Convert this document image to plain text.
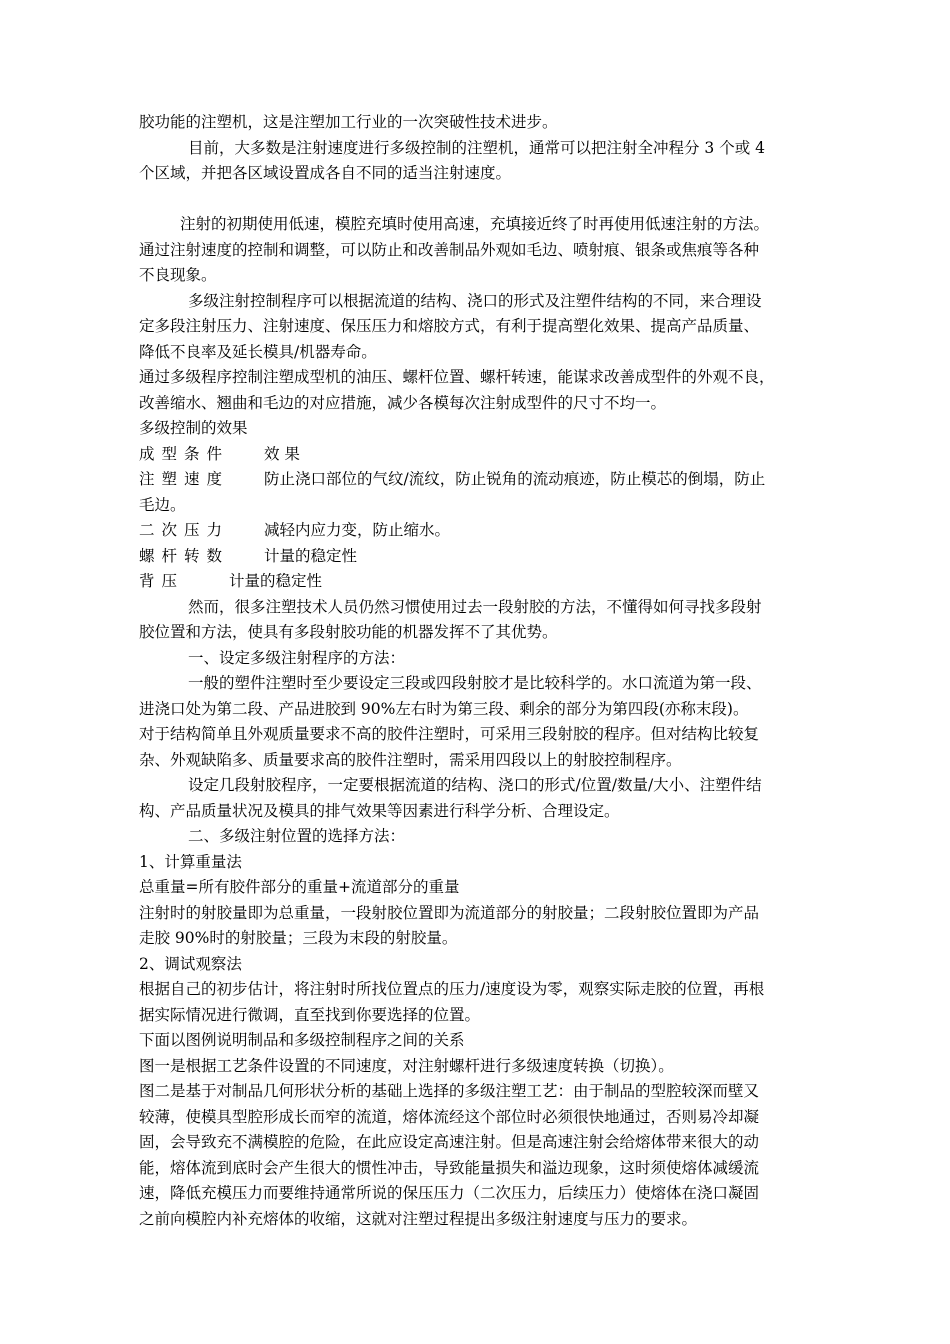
胶功能的注塑机，这是注塑加工行业的一次突破性技术进步。
目前，大多数是注射速度进行多级控制的注塑机，通常可以把注射全冲程分 3 个或 4
个区域，并把各区域设置成各自不同的适当注射速度。
注射的初期使用低速，模腔充填时使用高速，充填接近终了时再使用低速注射的方法。
通过注射速度的控制和调整，可以防止和改善制品外观如毛边、喷射痕、银条或焦痕等各种
不良现象。
多级注射控制程序可以根据流道的结构、浇口的形式及注塑件结构的不同，来合理设
定多段注射压力、注射速度、保压压力和熔胶方式，有利于提高塑化效果、提高产品质量、
降低不良率及延长模具/机器寿命。
通过多级程序控制注塑成型机的油压、螺杆位置、螺杆转速，能谋求改善成型件的外观不良，
改善缩水、翘曲和毛边的对应措施，减少各模每次注射成型件的尺寸不均一。
多级控制的效果
成型条件	效 果
注塑速度	防止浇口部位的气纹/流纹，防止锐角的流动痕迹，防止模芯的倒塌，防止
毛边。
二次压力	减轻内应力变，防止缩水。
螺杆转数	计量的稳定性
背压	计量的稳定性
然而，很多注塑技术人员仍然习惯使用过去一段射胶的方法，不懂得如何寻找多段射
胶位置和方法，使具有多段射胶功能的机器发挥不了其优势。
一、设定多级注射程序的方法：
一般的塑件注塑时至少要设定三段或四段射胶才是比较科学的。水口流道为第一段、
进浇口处为第二段、产品进胶到 90%左右时为第三段、剩余的部分为第四段(亦称末段)。
对于结构简单且外观质量要求不高的胶件注塑时，可采用三段射胶的程序。但对结构比较复
杂、外观缺陷多、质量要求高的胶件注塑时，需采用四段以上的射胶控制程序。
设定几段射胶程序，一定要根据流道的结构、浇口的形式/位置/数量/大小、注塑件结
构、产品质量状况及模具的排气效果等因素进行科学分析、合理设定。
二、多级注射位置的选择方法：
1、计算重量法
总重量=所有胶件部分的重量+流道部分的重量
注射时的射胶量即为总重量，一段射胶位置即为流道部分的射胶量；二段射胶位置即为产品
走胶 90%时的射胶量；三段为末段的射胶量。
2、调试观察法
根据自己的初步估计，将注射时所找位置点的压力/速度设为零，观察实际走胶的位置，再根
据实际情况进行微调，直至找到你要选择的位置。
下面以图例说明制品和多级控制程序之间的关系
图一是根据工艺条件设置的不同速度，对注射螺杆进行多级速度转换（切换）。
图二是基于对制品几何形状分析的基础上选择的多级注塑工艺：由于制品的型腔较深而壁又
较薄，使模具型腔形成长而窄的流道，熔体流经这个部位时必须很快地通过，否则易冷却凝
固，会导致充不满模腔的危险，在此应设定高速注射。但是高速注射会给熔体带来很大的动
能，熔体流到底时会产生很大的惯性冲击，导致能量损失和溢边现象，这时须使熔体减缓流
速，降低充模压力而要维持通常所说的保压压力（二次压力，后续压力）使熔体在浇口凝固
之前向模腔内补充熔体的收缩，这就对注塑过程提出多级注射速度与压力的要求。
